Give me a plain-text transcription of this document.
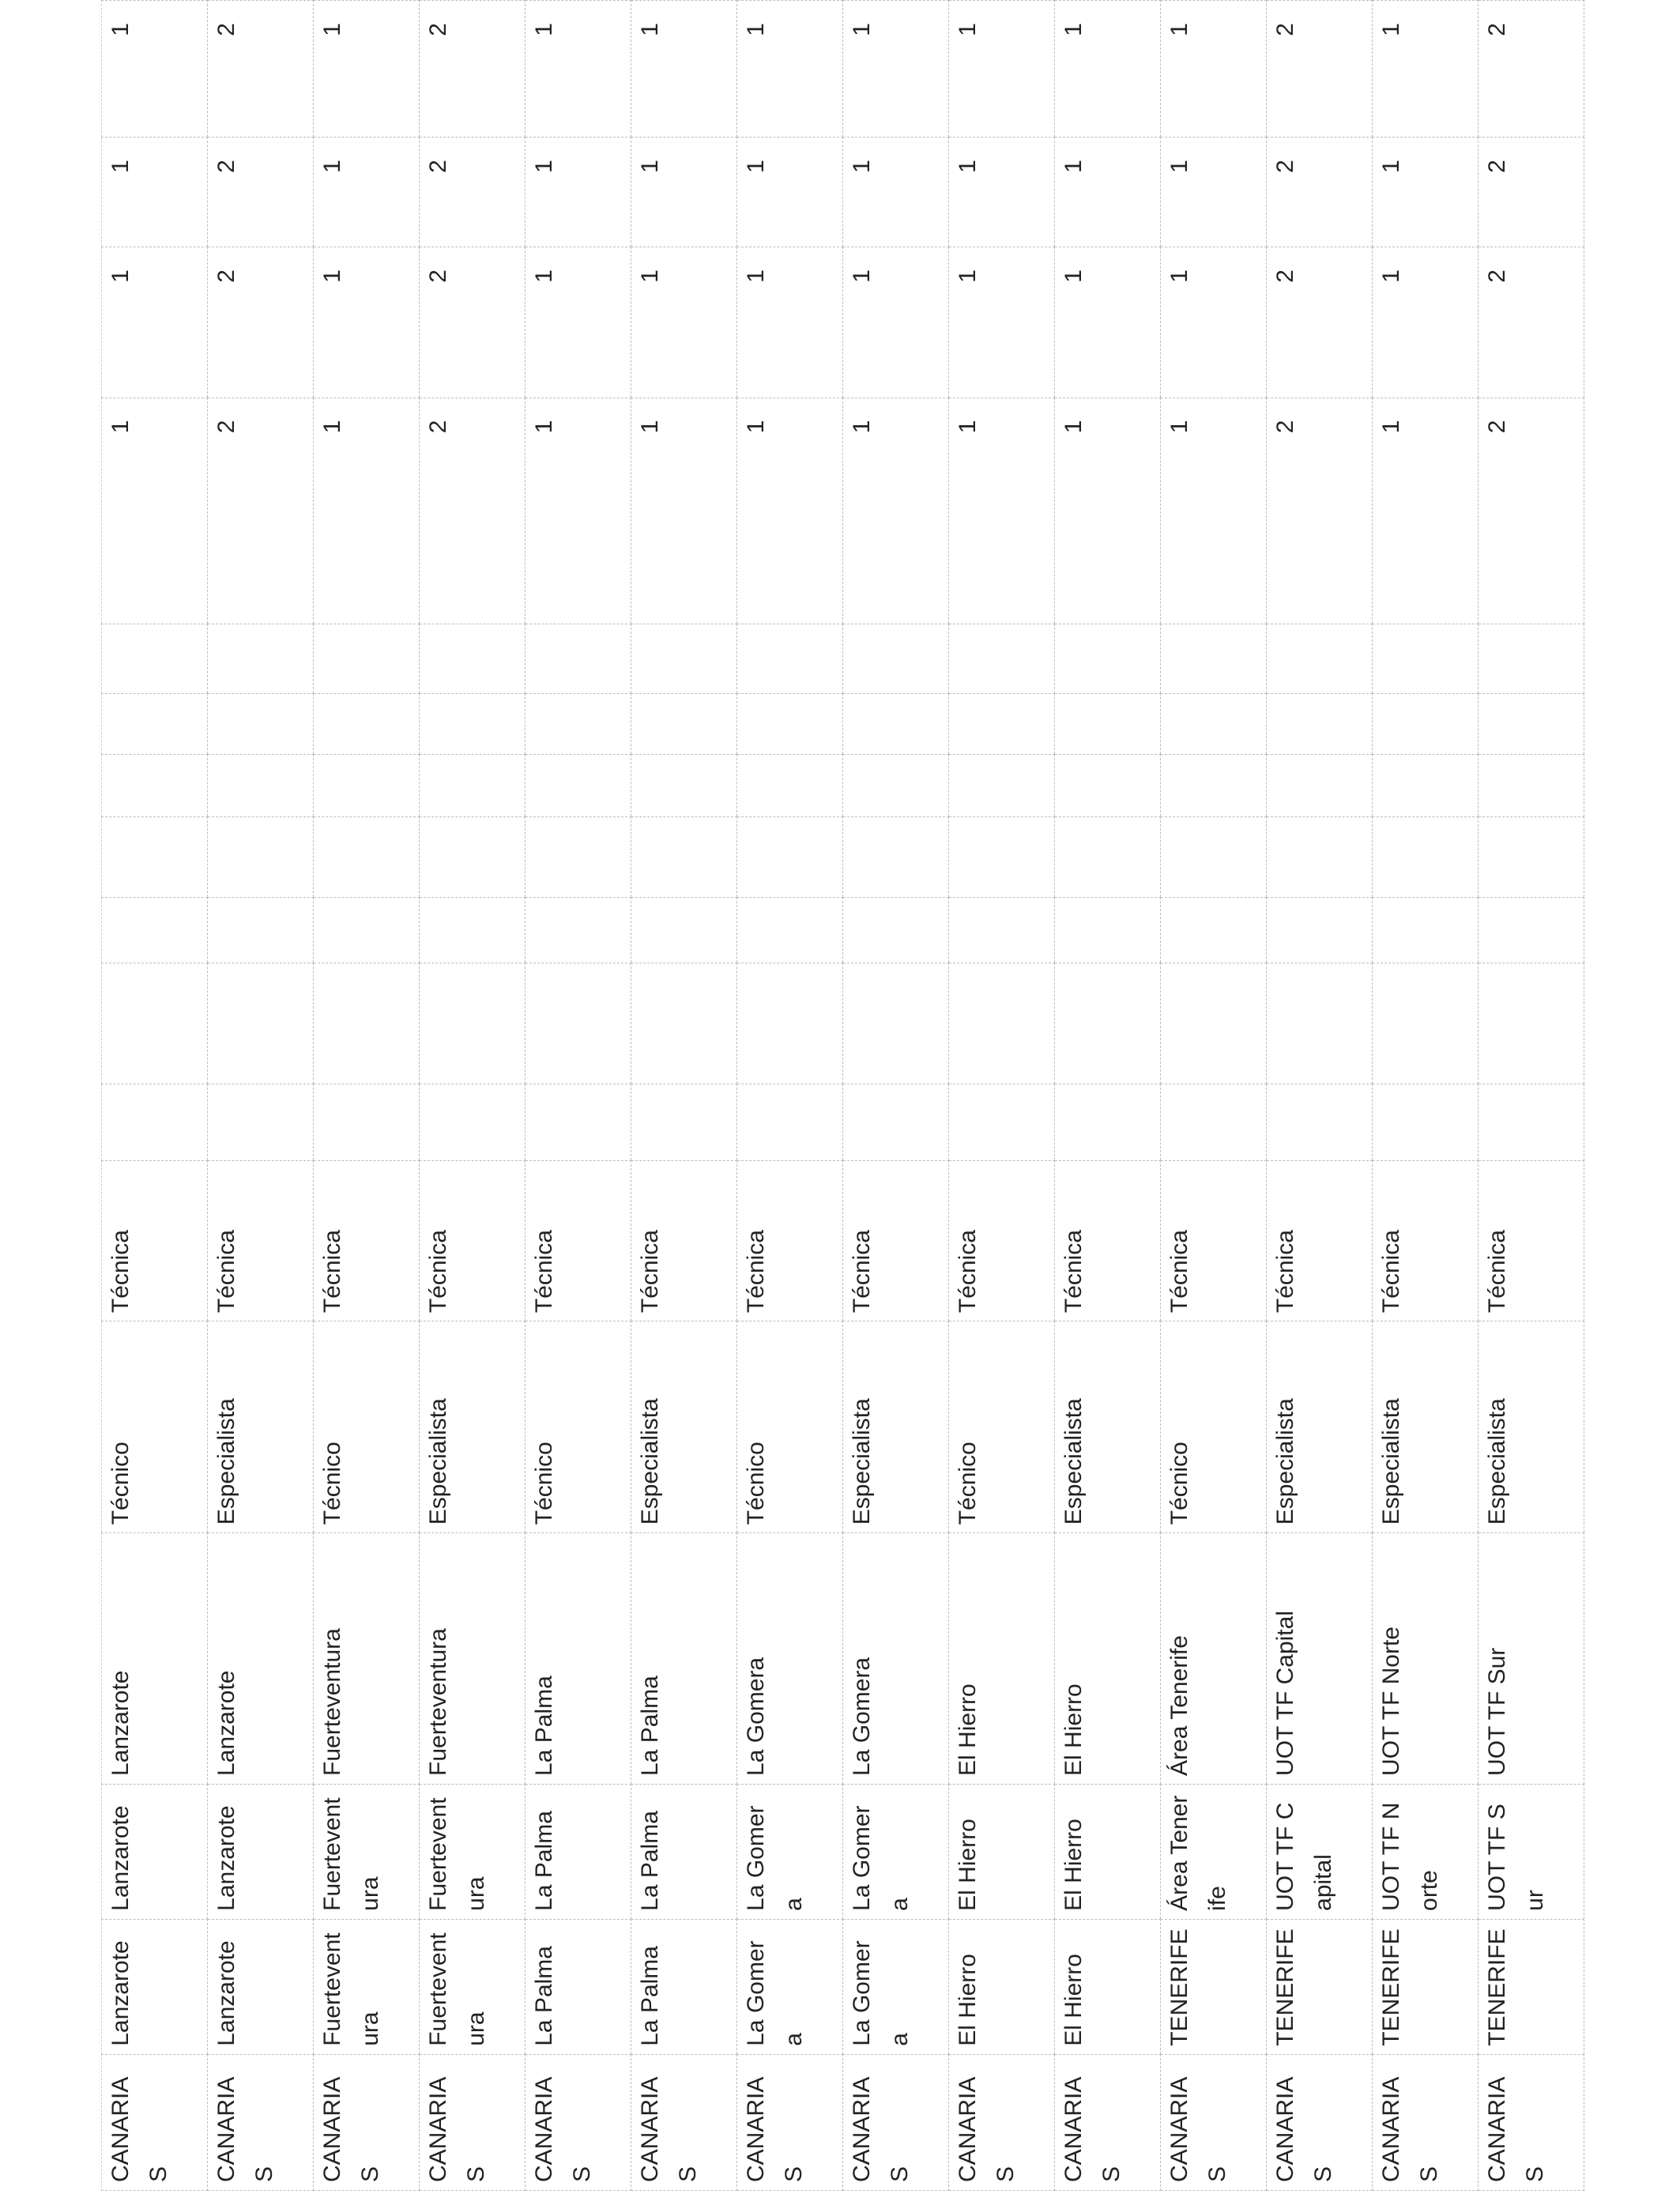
CANARIAS	Lanzarote	Lanzarote	Lanzarote	Técnico	Técnica								1	1	1	1
CANARIAS	Lanzarote	Lanzarote	Lanzarote	Especialista	Técnica								2	2	2	2
CANARIAS	Fuerteventura	Fuerteventura	Fuerteventura	Técnico	Técnica								1	1	1	1
CANARIAS	Fuerteventura	Fuerteventura	Fuerteventura	Especialista	Técnica								2	2	2	2
CANARIAS	La Palma	La Palma	La Palma	Técnico	Técnica								1	1	1	1
CANARIAS	La Palma	La Palma	La Palma	Especialista	Técnica								1	1	1	1
CANARIAS	La Gomera	La Gomera	La Gomera	Técnico	Técnica								1	1	1	1
CANARIAS	La Gomera	La Gomera	La Gomera	Especialista	Técnica								1	1	1	1
CANARIAS	El Hierro	El Hierro	El Hierro	Técnico	Técnica								1	1	1	1
CANARIAS	El Hierro	El Hierro	El Hierro	Especialista	Técnica								1	1	1	1
CANARIAS	TENERIFE	Área Tenerife	Área Tenerife	Técnico	Técnica								1	1	1	1
CANARIAS	TENERIFE	UOT TF Capital	UOT TF Capital	Especialista	Técnica								2	2	2	2
CANARIAS	TENERIFE	UOT TF Norte	UOT TF Norte	Especialista	Técnica								1	1	1	1
CANARIAS	TENERIFE	UOT TF Sur	UOT TF Sur	Especialista	Técnica								2	2	2	2
